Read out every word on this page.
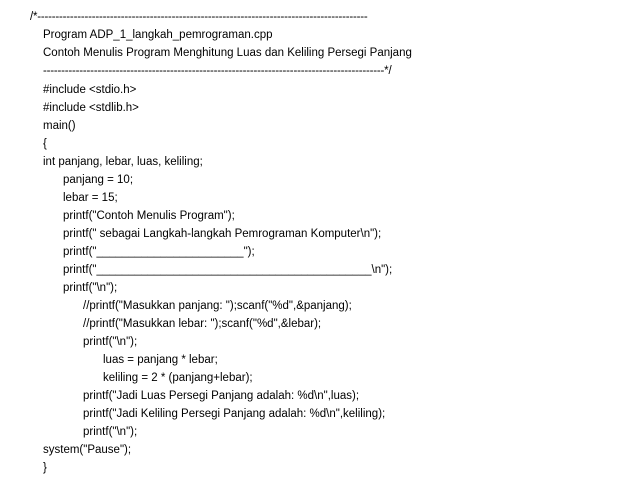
/*-------------------------------------------------------------------------------------------
Program ADP_1_langkah_pemrograman.cpp
Contoh Menulis Program Menghitung Luas dan Keliling Persegi Panjang
----------------------------------------------------------------------------------------------*/
#include <stdio.h>
#include <stdlib.h>
main()
{
int panjang, lebar, luas, keliling;
panjang = 10;
lebar = 15;
printf("Contoh Menulis Program");
printf(" sebagai Langkah-langkah Pemrograman Komputer\n");
printf("_______________________");
printf("___________________________________________\n");
printf("\n");
//printf("Masukkan panjang: ");scanf("%d",&panjang);
//printf("Masukkan lebar: ");scanf("%d",&lebar);
printf("\n");
luas = panjang * lebar;
keliling = 2 * (panjang+lebar);
printf("Jadi Luas Persegi Panjang adalah: %d\n",luas);
printf("Jadi Keliling Persegi Panjang adalah: %d\n",keliling);
printf("\n");
system("Pause");
}
